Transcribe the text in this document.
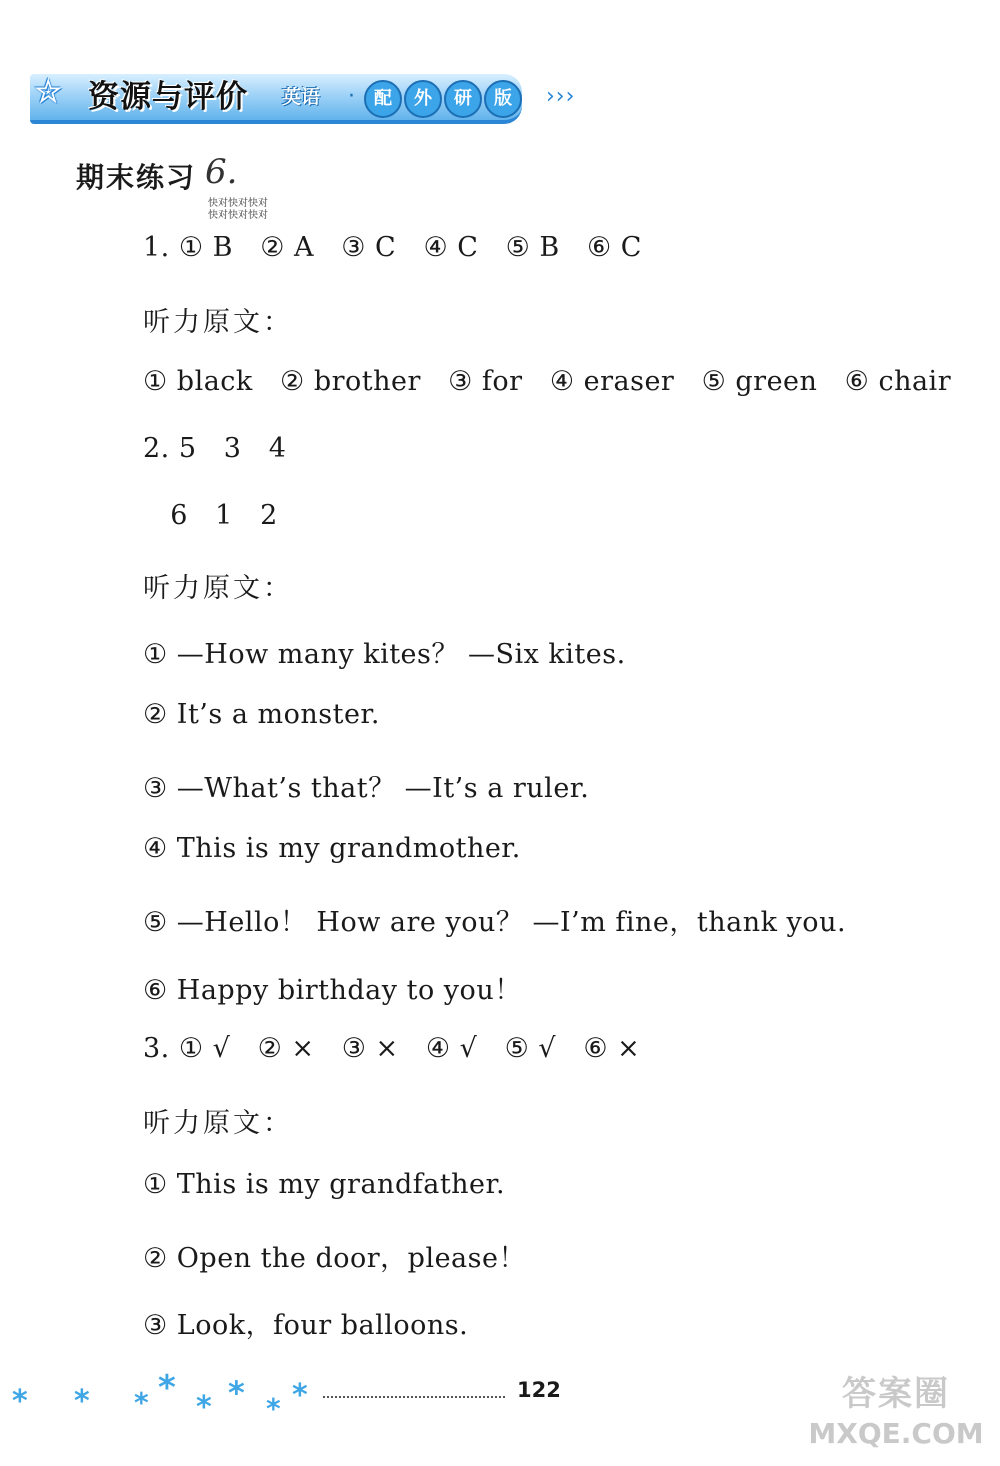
✮ 资源与评价 英语 ·	配	外	研	版	›››
期末练习 6.
快对快对快对
快对快对快对
1. ① B   ② A   ③ C   ④ C   ⑤ B   ⑥ C
听力原文：
① black   ② brother   ③ for   ④ eraser   ⑤ green   ⑥ chair
2. 5   3   4
6   1   2
听力原文：
① —How many kites？ —Six kites.
② It’s a monster.
③ —What’s that？ —It’s a ruler.
④ This is my grandmother.
⑤ —Hello！ How are you？ —I’m fine，thank you.
⑥ Happy birthday to you！
3. ① √   ② ×   ③ ×   ④ √   ⑤ √   ⑥ ×
听力原文：
① This is my grandfather.
② Open the door，please！
③ Look，four balloons.
* * * * * * * *	122	答案圈
MXQE.COM
